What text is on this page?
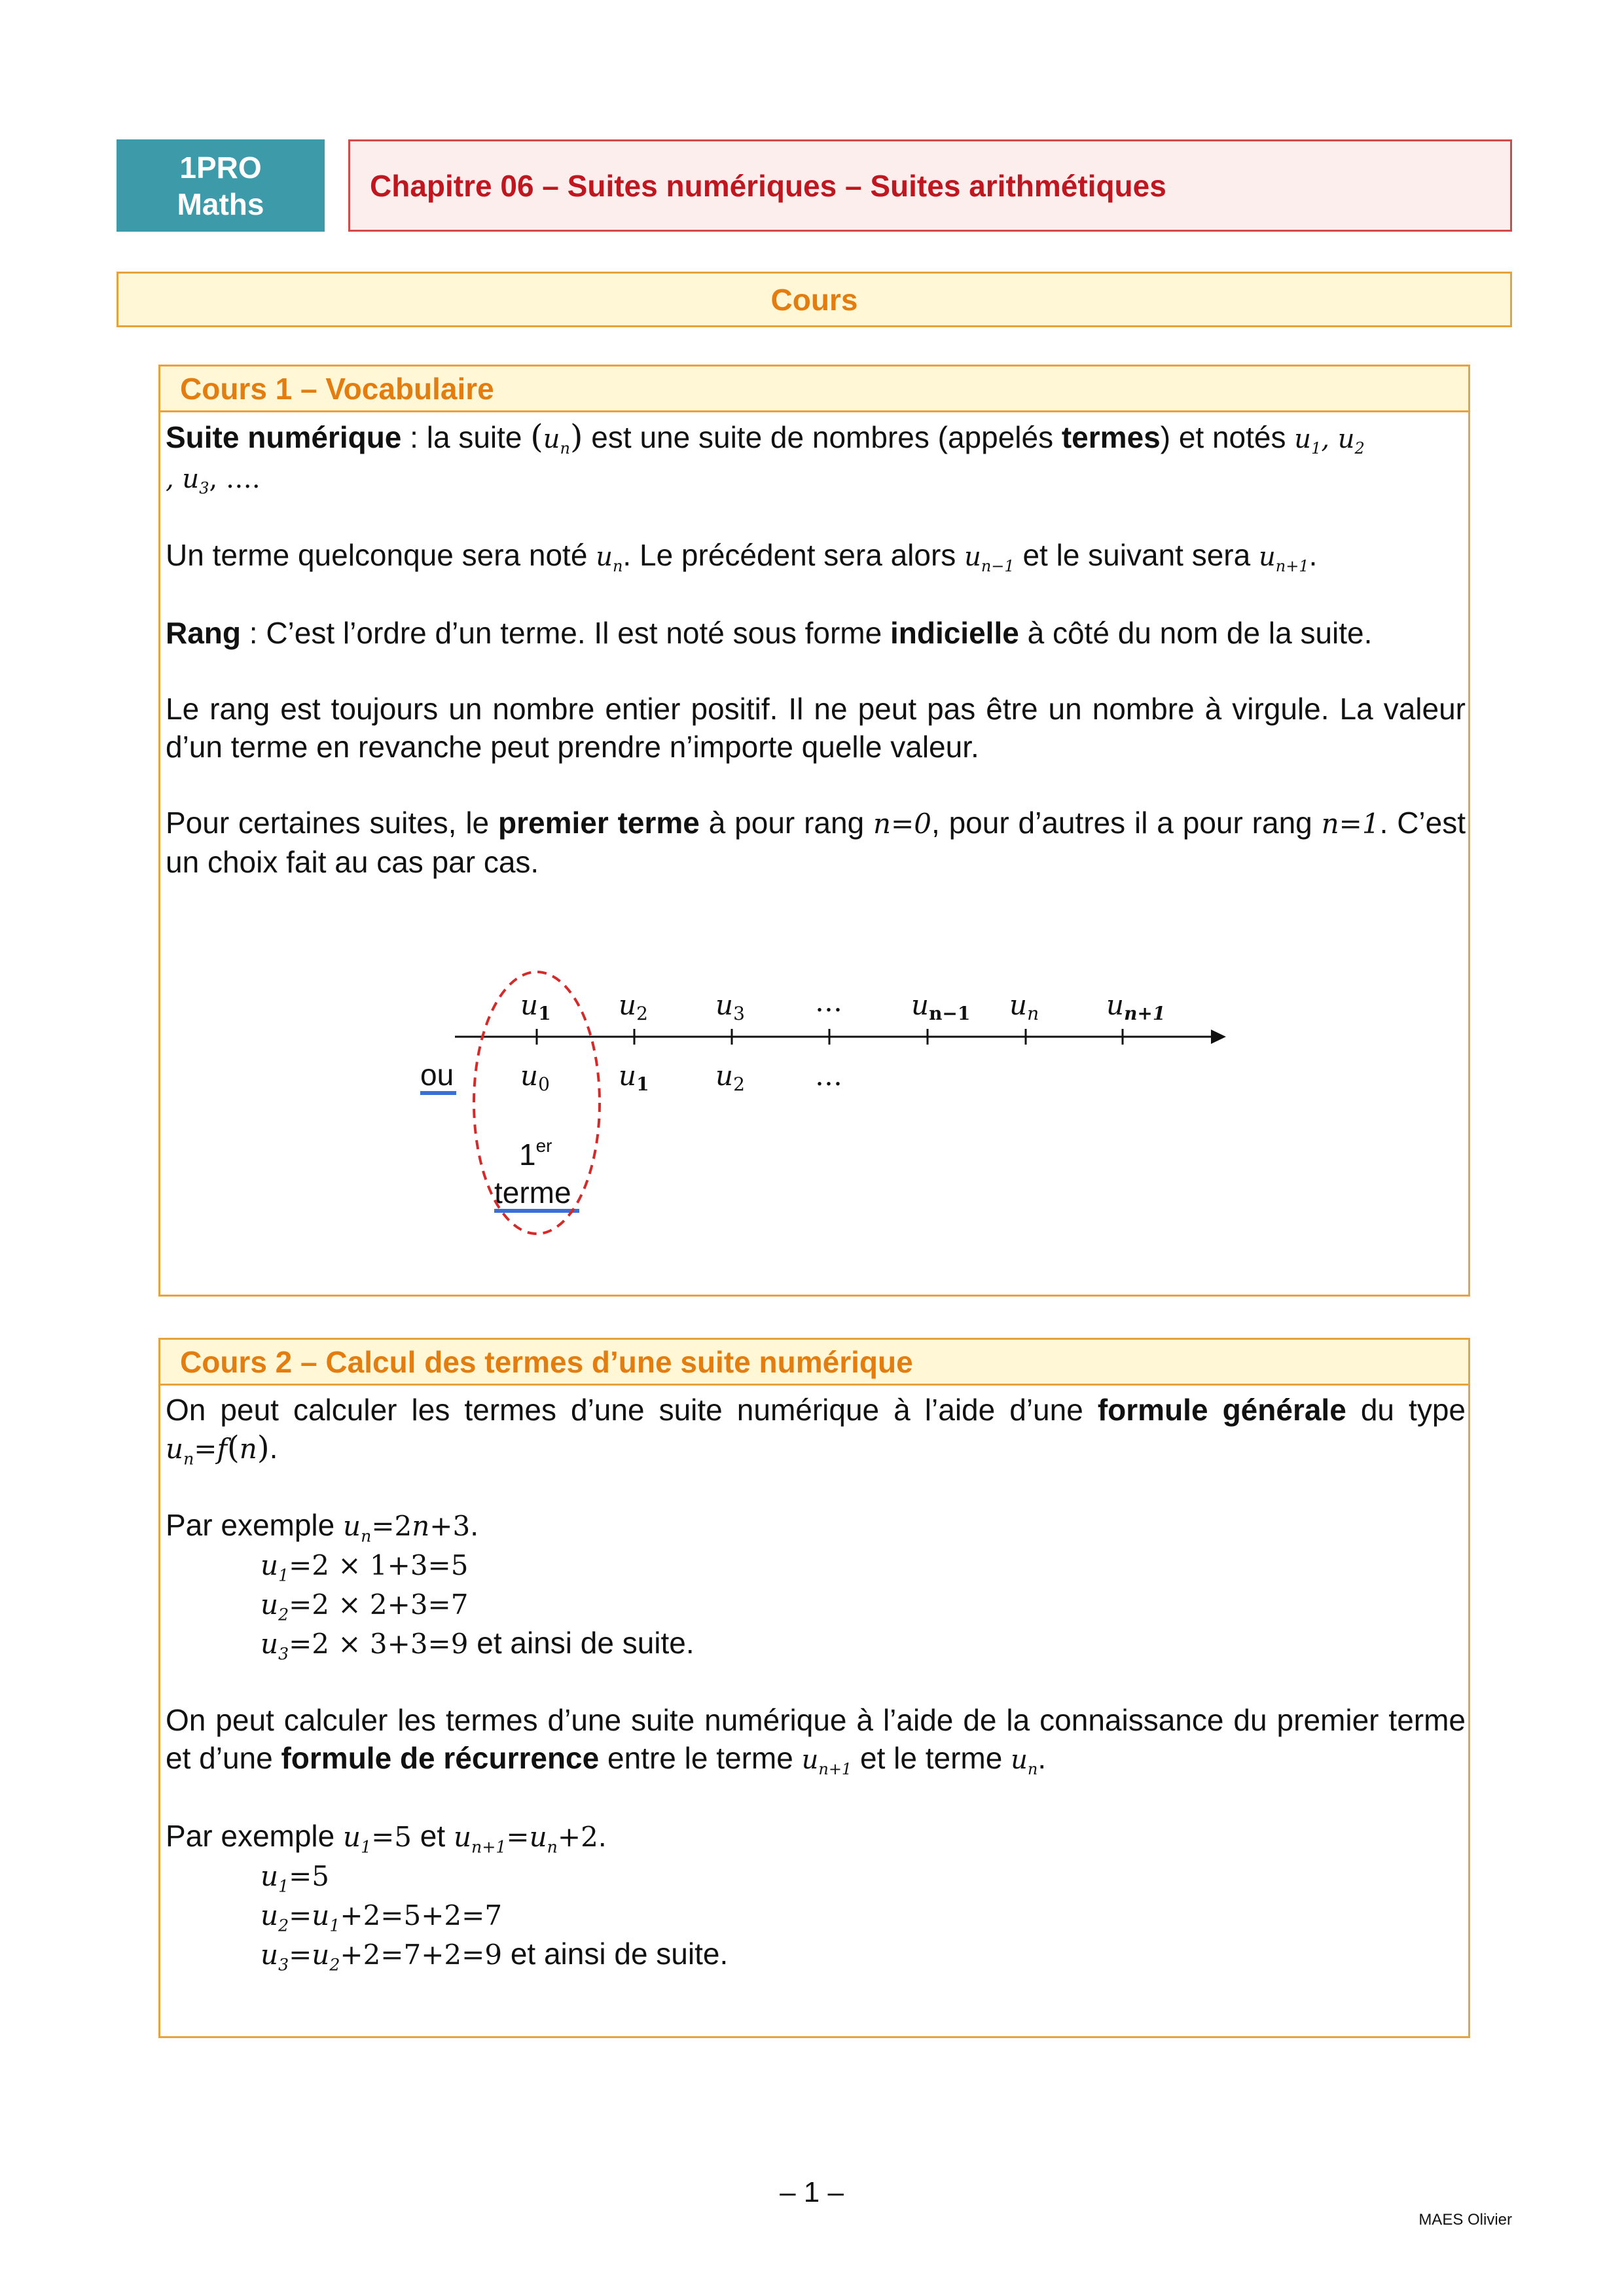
1PRO
Maths
Chapitre 06 – Suites numériques – Suites arithmétiques
Cours
Cours 1 – Vocabulaire
Suite numérique : la suite $(u_n)$ est une suite de nombres (appelés termes) et notés $u_1$, $u_2$
, $u_3$, ….
Un terme quelconque sera noté $u_n$. Le précédent sera alors $u_{n-1}$ et le suivant sera $u_{n+1}$.
Rang : C’est l’ordre d’un terme. Il est noté sous forme indicielle à côté du nom de la suite.
Le rang est toujours un nombre entier positif. Il ne peut pas être un nombre à virgule. La valeur d’un terme en revanche peut prendre n’importe quelle valeur.
Pour certaines suites, le premier terme à pour rang n=0, pour d’autres il a pour rang n=1. C’est un choix fait au cas par cas.
u1 u2 u3	…	un−1 un un+1
u0	u1 u2	…
ou
1er
terme
Cours 2 – Calcul des termes d’une suite numérique
On peut calculer les termes d’une suite numérique à l’aide d’une formule générale du type $u_n=f(n)$.
Par exemple $u_n=2n+3$.
$u_1=2 \times 1+3=5$
$u_2=2 \times 2+3=7$
$u_3=2 \times 3+3=9$ et ainsi de suite.
On peut calculer les termes d’une suite numérique à l’aide de la connaissance du premier terme et d’une formule de récurrence entre le terme $u_{n+1}$ et le terme $u_n$.
Par exemple $u_1=5$ et $u_{n+1}=u_n+2$.
$u_1=5$
$u_2=u_1+2=5+2=7$
$u_3=u_2+2=7+2=9$ et ainsi de suite.
– 1 –
MAES Olivier
